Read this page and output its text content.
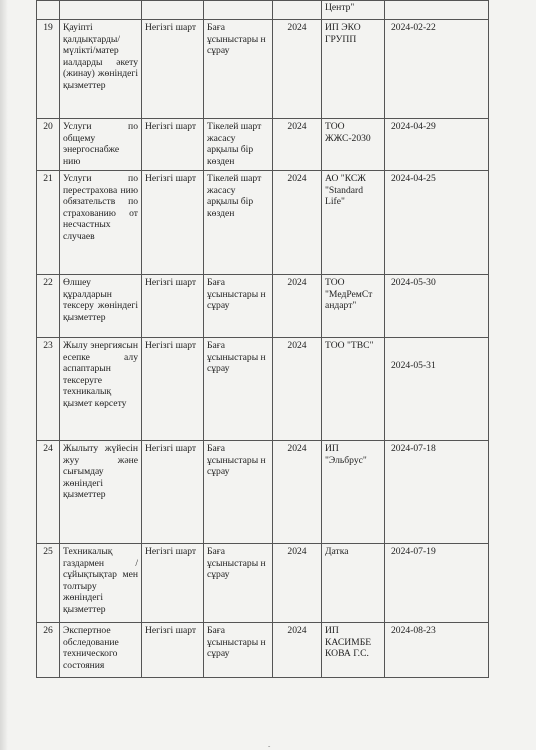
					Центр"	
19	Қауіпті қалдықтарды/ мүлікті/матер иалдарды әкету (жинау) жөніндегі қызметтер	Негізгі шарт	Баға ұсыныстары н сұрау	2024	ИП ЭКО ГРУПП	2024-02-22
20	Услуги по общему энергоснабже нию	Негізгі шарт	Тікелей шарт жасасу арқылы бір көзден	2024	ТОО ЖЖС-2030	2024-04-29
21	Услуги по перестрахова нию обязательств по страхованию от несчастных случаев	Негізгі шарт	Тікелей шарт жасасу арқылы бір көзден	2024	АО "КСЖ "Standard Life"	2024-04-25
22	Өлшеу құралдарын тексеру жөніндегі қызметтер	Негізгі шарт	Баға ұсыныстары н сұрау	2024	ТОО "МедРемСт андарт"	2024-05-30
23	Жылу энергиясын есепке алу аспаптарын тексеруге техникалық қызмет көрсету	Негізгі шарт	Баға ұсыныстары н сұрау	2024	ТОО "ТВС"	2024-05-31
24	Жылыту жүйесін жуу және сығымдау жөніндегі қызметтер	Негізгі шарт	Баға ұсыныстары н сұрау	2024	ИП "Эльбрус"	2024-07-18
25	Техникалық газдармен / сұйықтықтар мен толтыру жөніндегі қызметтер	Негізгі шарт	Баға ұсыныстары н сұрау	2024	Датка	2024-07-19
26	Экспертное обследование технического состояния	Негізгі шарт	Баға ұсыныстары н сұрау	2024	ИП КАСИМБЕ КОВА Г.С.	2024-08-23
-
